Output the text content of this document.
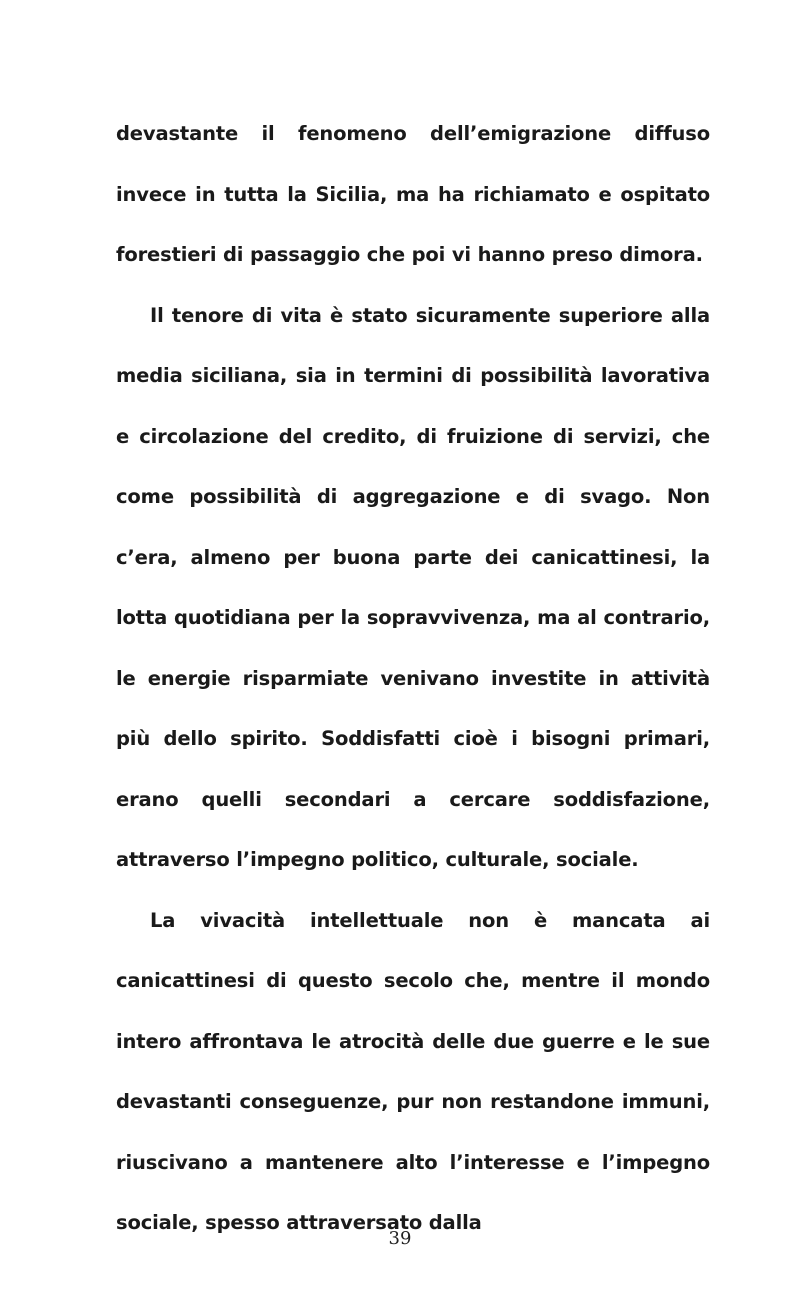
devastante il fenomeno dell’emigrazione diffuso invece in tutta la Sicilia, ma ha richiamato e ospitato forestieri di passaggio che poi vi hanno preso dimora.

Il tenore di vita è stato sicuramente superiore alla media siciliana, sia in termini di possibilità lavorativa e circolazione del credito, di fruizione di servizi, che come possibilità di aggregazione e di svago. Non c’era, almeno per buona parte dei canicattinesi, la lotta quotidiana per la sopravvivenza, ma al contrario, le energie risparmiate venivano investite in attività più dello spirito. Soddisfatti cioè i bisogni primari, erano quelli secondari a cercare soddisfazione, attraverso l’impegno politico, culturale, sociale.

La vivacità intellettuale non è mancata ai canicattinesi di questo secolo che, mentre il mondo intero affrontava le atrocità delle due guerre e le sue devastanti conseguenze, pur non restandone immuni, riuscivano a mantenere alto l’interesse e l’impegno sociale, spesso attraversato dalla

39
